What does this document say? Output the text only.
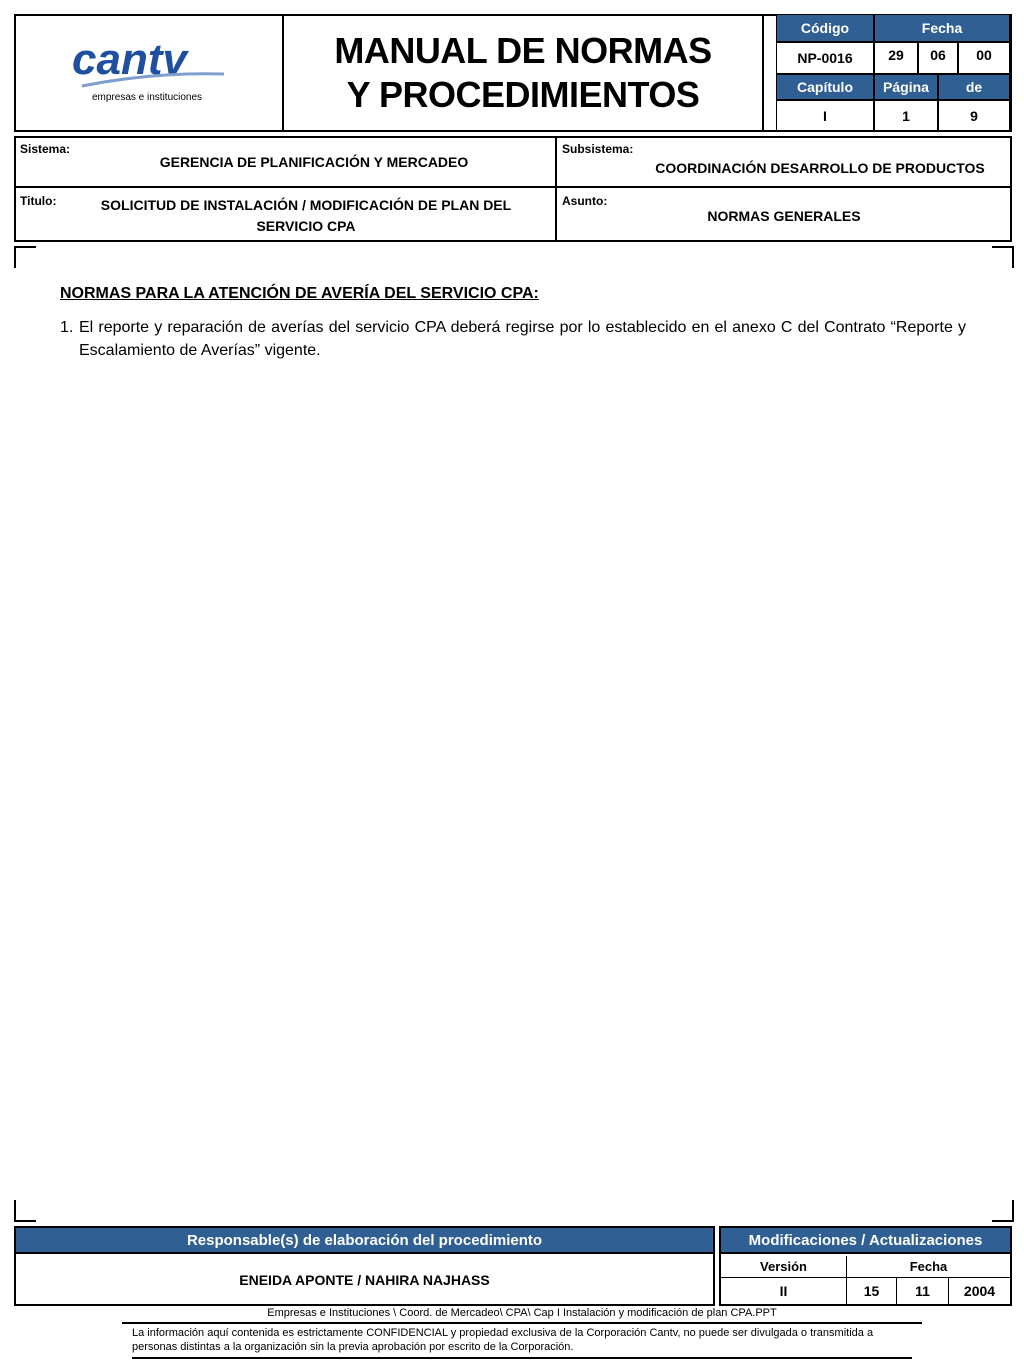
cantv
empresas e instituciones
MANUAL DE NORMAS
Y PROCEDIMIENTOS
Código	Fecha
NP-0016	29	06	00
Capítulo	Página	de
I	1	9
Sistema:
GERENCIA DE PLANIFICACIÓN Y MERCADEO
Subsistema:
COORDINACIÓN DESARROLLO DE PRODUCTOS
Titulo:	SOLICITUD DE INSTALACIÓN / MODIFICACIÓN DE PLAN DEL
SERVICIO CPA
Asunto:
NORMAS GENERALES
NORMAS PARA LA ATENCIÓN DE AVERÍA DEL SERVICIO CPA:
1. El reporte y reparación de averías del servicio CPA deberá regirse por lo establecido en el anexo C del Contrato “Reporte y Escalamiento de Averías” vigente.
Responsable(s) de elaboración del procedimiento
ENEIDA APONTE / NAHIRA NAJHASS
Modificaciones / Actualizaciones
Versión	Fecha
II	15	11	2004
Empresas e Instituciones \ Coord. de Mercadeo\ CPA\ Cap I Instalación y modificación de plan CPA.PPT
La información aquí contenida es estrictamente CONFIDENCIAL y propiedad exclusiva de la Corporación Cantv, no puede ser divulgada o transmitida a personas distintas a la organización sin la previa aprobación por escrito de la Corporación.
